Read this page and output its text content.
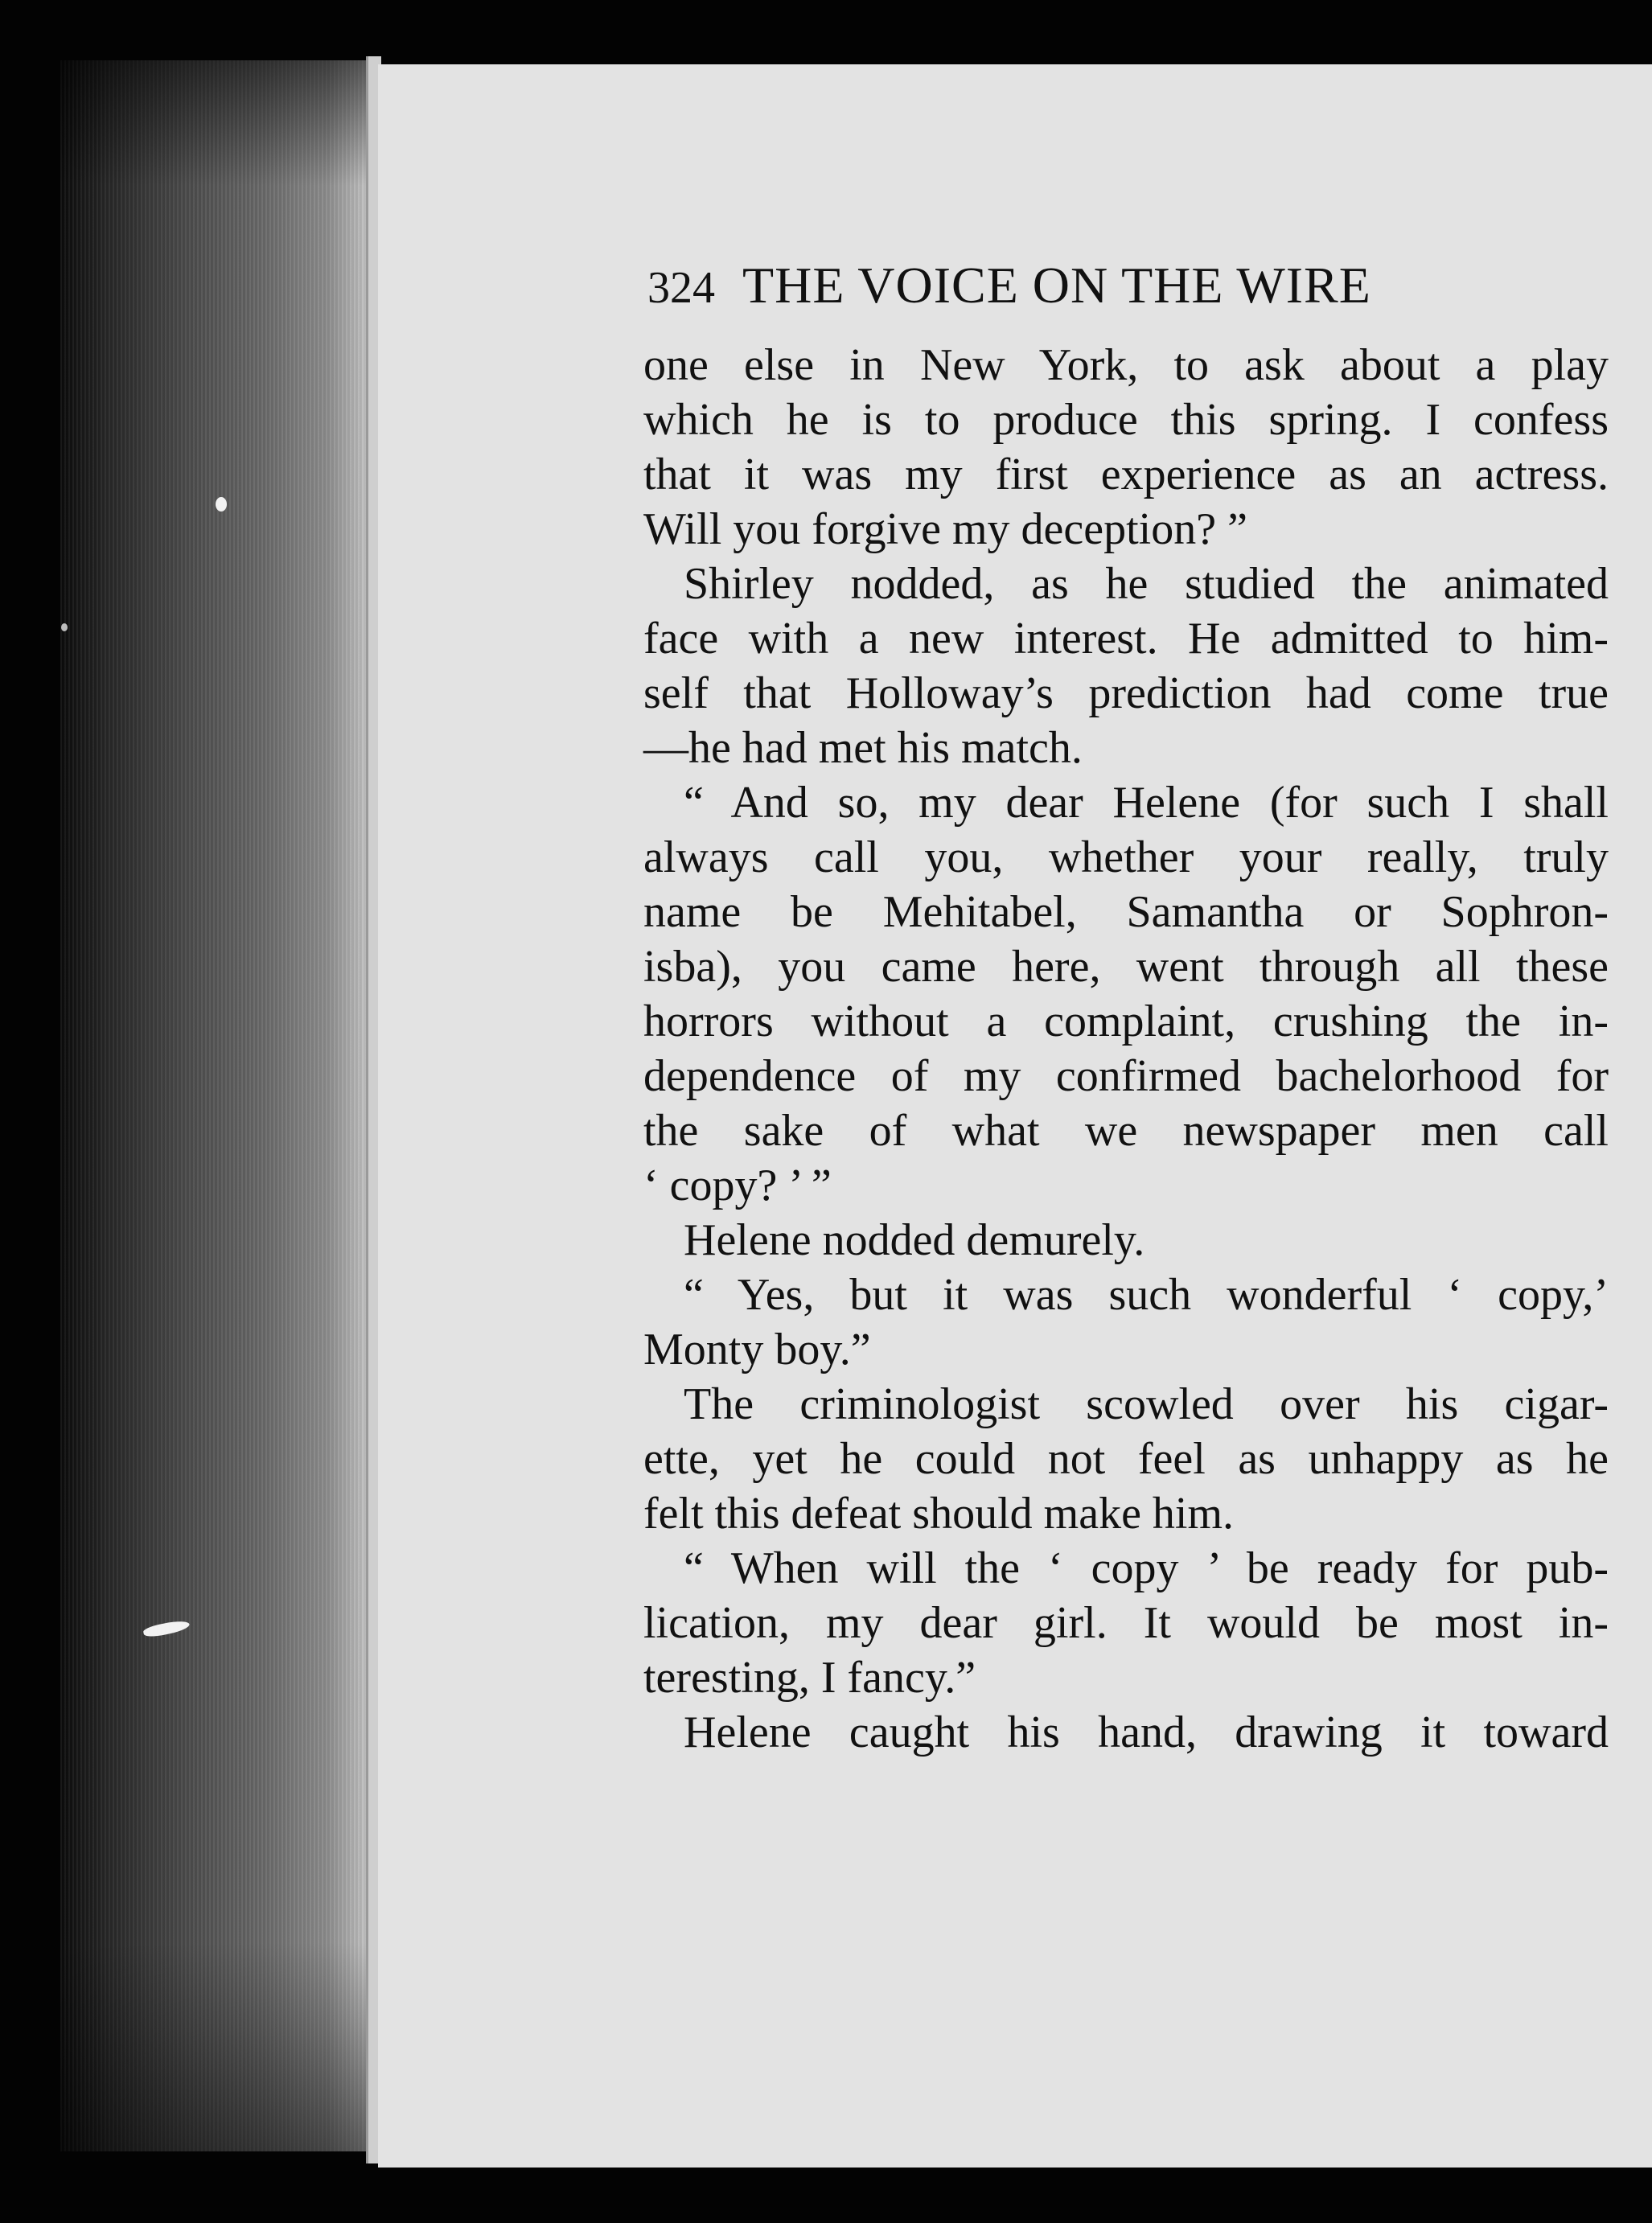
324 THE VOICE ON THE WIRE
one else in New York, to ask about a play
which he is to produce this spring. I confess
that it was my first experience as an actress.
Will you forgive my deception? ”
Shirley nodded, as he studied the animated
face with a new interest. He admitted to him-
self that Holloway’s prediction had come true
—he had met his match.
“ And so, my dear Helene (for such I shall
always call you, whether your really, truly
name be Mehitabel, Samantha or Sophron-
isba), you came here, went through all these
horrors without a complaint, crushing the in-
dependence of my confirmed bachelorhood for
the sake of what we newspaper men call
‘ copy? ’ ”
Helene nodded demurely.
“ Yes, but it was such wonderful ‘ copy,’
Monty boy.”
The criminologist scowled over his cigar-
ette, yet he could not feel as unhappy as he
felt this defeat should make him.
“ When will the ‘ copy ’ be ready for pub-
lication, my dear girl. It would be most in-
teresting, I fancy.”
Helene caught his hand, drawing it toward
